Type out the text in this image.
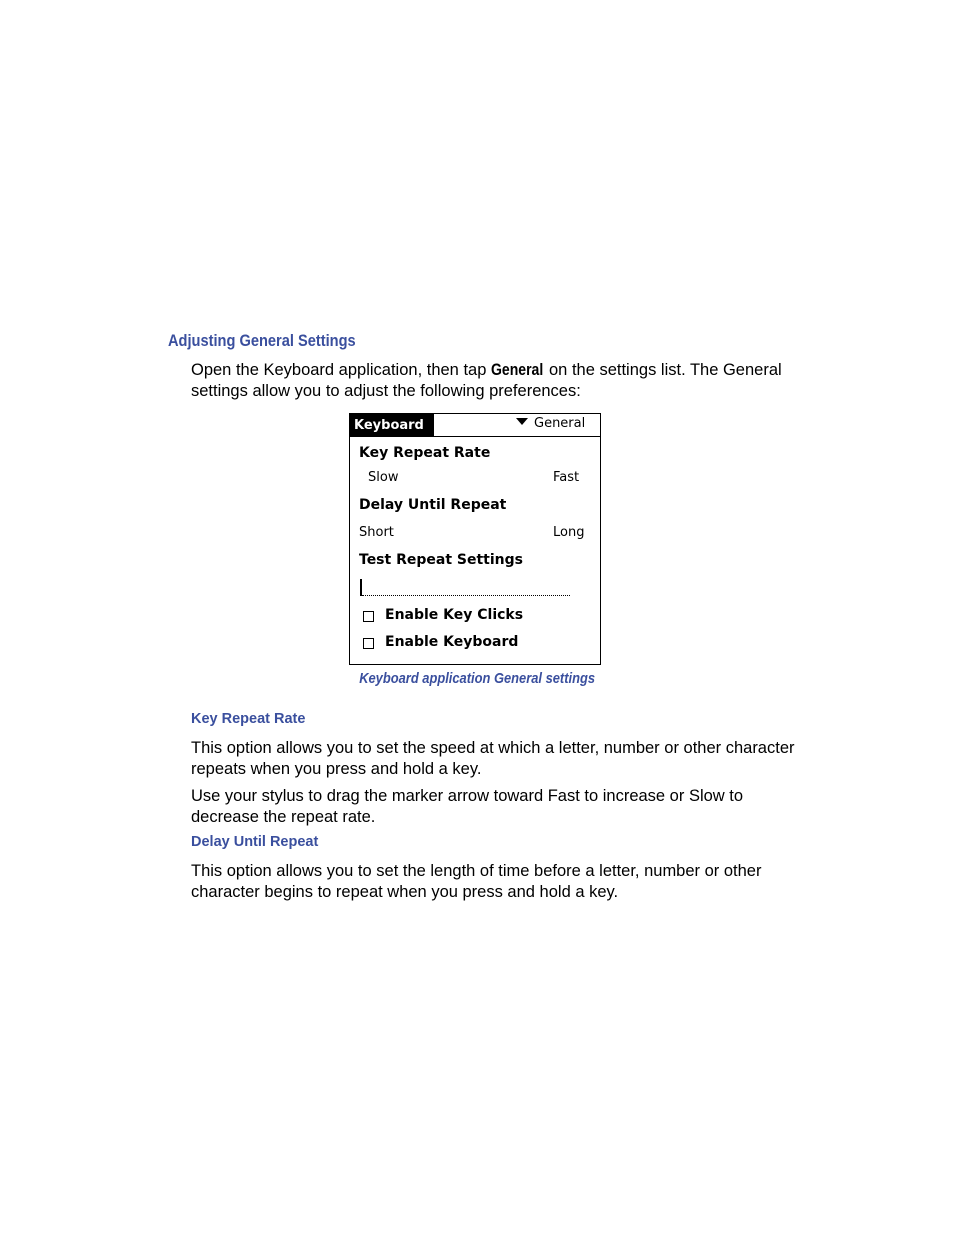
Adjusting General Settings

Open the Keyboard application, then tap General on the settings list. The General settings allow you to adjust the following preferences:

Keyboard	General
Key Repeat Rate
Slow	Fast
Delay Until Repeat
Short	Long
Test Repeat Settings
Enable Key Clicks
Enable Keyboard
Keyboard application General settings
Key Repeat Rate

This option allows you to set the speed at which a letter, number or other character repeats when you press and hold a key.

Use your stylus to drag the marker arrow toward Fast to increase or Slow to decrease the repeat rate.

Delay Until Repeat

This option allows you to set the length of time before a letter, number or other character begins to repeat when you press and hold a key.
